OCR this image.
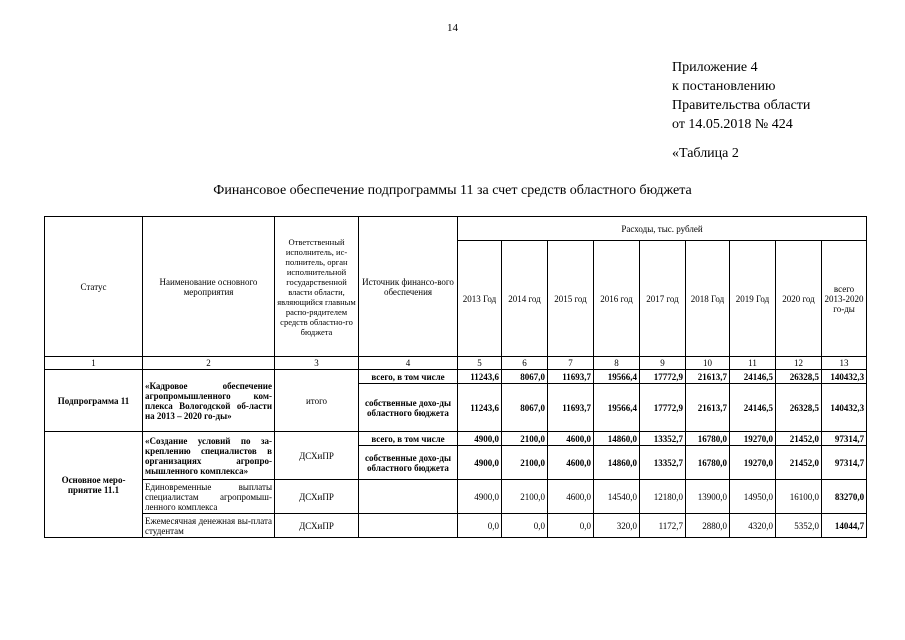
14
Приложение 4
к постановлению
Правительства области
от 14.05.2018 № 424
«Таблица 2
Финансовое обеспечение подпрограммы 11 за счет средств областного бюджета
Статус	Наименование основного мероприятия	Ответственный исполнитель, ис-полнитель, орган исполнительной государственной власти области, являющийся главным распо-рядителем средств областно-го бюджета	Источник финансо-вого обеспечения	Расходы, тыс. рублей								
				2013 Год	2014 год	2015 год	2016 год	2017 год	2018 Год	2019 Год	2020 год	всего 2013-2020 го-ды
1	2	3	4	5	6	7	8	9	10	11	12	13
Подпрограмма 11	«Кадровое обеспечение агропромышленного ком-плекса Вологодской об-ласти на 2013 – 2020 го-ды»	итого	всего, в том числе	11243,6	8067,0	11693,7	19566,4	17772,9	21613,7	24146,5	26328,5	140432,3
			собственные дохо-ды областного бюджета	11243,6	8067,0	11693,7	19566,4	17772,9	21613,7	24146,5	26328,5	140432,3
Основное меро-приятие 11.1	«Создание условий по за-креплению специалистов в организациях агропро-мышленного комплекса»	ДСХиПР	всего, в том числе	4900,0	2100,0	4600,0	14860,0	13352,7	16780,0	19270,0	21452,0	97314,7
			собственные дохо-ды областного бюджета	4900,0	2100,0	4600,0	14860,0	13352,7	16780,0	19270,0	21452,0	97314,7
	Единовременные выплаты специалистам агропромыш-ленного комплекса	ДСХиПР		4900,0	2100,0	4600,0	14540,0	12180,0	13900,0	14950,0	16100,0	83270,0
	Ежемесячная денежная вы-плата студентам	ДСХиПР		0,0	0,0	0,0	320,0	1172,7	2880,0	4320,0	5352,0	14044,7
